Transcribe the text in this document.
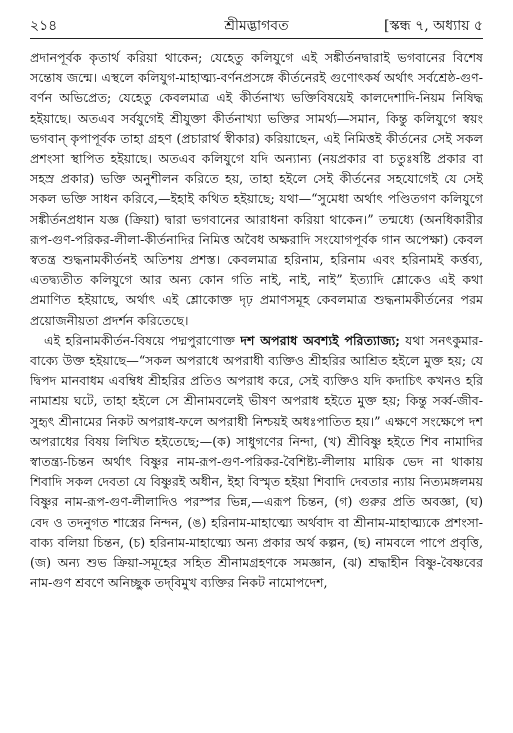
২১৪	শ্রীমদ্ভাগবত	[স্কন্ধ ৭, অধ্যায় ৫

প্রদানপূর্বক কৃতার্থ করিয়া থাকেন; যেহেতু কলিযুগে এই সঙ্কীর্তনদ্বারাই ভগবানের বিশেষ সন্তোষ জন্মে। এস্থলে কলিযুগ-মাহাত্ম্য-বর্ণনপ্রসঙ্গে কীর্তনেরই গুণোৎকর্ষ অর্থাৎ সর্বশ্রেষ্ঠ-গুণ-বর্ণন অভিপ্রেত; যেহেতু কেবলমাত্র এই কীর্তনাখ্য ভক্তিবিষয়েই কালদেশাদি-নিয়ম নিষিদ্ধ হইয়াছে। অতএব সর্বযুগেই শ্রীযুক্তা কীর্তনাখ্যা ভক্তির সামর্থ্য—সমান, কিন্তু কলিযুগে স্বয়ং ভগবান্ কৃপাপূর্বক তাহা গ্রহণ (প্রচারার্থ স্বীকার) করিয়াছেন, এই নিমিত্তই কীর্তনের সেই সকল প্রশংসা স্থাপিত হইয়াছে। অতএব কলিযুগে যদি অন্যান্য (নয়প্রকার বা চতুঃষষ্টি প্রকার বা সহস্র প্রকার) ভক্তি অনুশীলন করিতে হয়, তাহা হইলে সেই কীর্তনের সহযোগেই যে সেই সকল ভক্তি সাধন করিবে,—ইহাই কথিত হইয়াছে; যথা—“সুমেধা অর্থাৎ পণ্ডিতগণ কলিযুগে সঙ্কীর্তনপ্রধান যজ্ঞ (ক্রিয়া) দ্বারা ভগবানের আরাধনা করিয়া থাকেন।” তন্মধ্যে (অনধিকারীর রূপ-গুণ-পরিকর-লীলা-কীর্তনাদির নিমিত্ত অবৈধ অক্ষরাদি সংযোগপূর্বক গান অপেক্ষা) কেবল স্বতন্ত্র শুদ্ধনামকীর্তনই অতিশয় প্রশস্ত। কেবলমাত্র হরিনাম, হরিনাম এবং হরিনামই কর্ত্তব্য, এতদ্ব্যতীত কলিযুগে আর অন্য কোন গতি নাই, নাই, নাই” ইত্যাদি শ্লোকেও এই কথা প্রমাণিত হইয়াছে, অর্থাৎ এই শ্লোকোক্ত দৃঢ় প্রমাণসমূহ কেবলমাত্র শুদ্ধনামকীর্তনের পরম প্রয়োজনীয়তা প্রদর্শন করিতেছে।

এই হরিনামকীর্তন-বিষয়ে পদ্মপুরাণোক্ত দশ অপরাধ অবশ্যই পরিত্যাজ্য; যথা সনৎকুমার-বাক্যে উক্ত হইয়াছে—“সকল অপরাধে অপরাধী ব্যক্তিও শ্রীহরির আশ্রিত হইলে মুক্ত হয়; যে দ্বিপদ মানবাধম এবম্বিধ শ্রীহরির প্রতিও অপরাধ করে, সেই ব্যক্তিও যদি কদাচিৎ কখনও হরি নামাশ্রয় ঘটে, তাহা হইলে সে শ্রীনামবলেই ভীষণ অপরাধ হইতে মুক্ত হয়; কিন্তু সর্ব্ব-জীব-সুহৃৎ শ্রীনামের নিকট অপরাধ-ফলে অপরাধী নিশ্চয়ই অধঃপাতিত হয়।” এক্ষণে সংক্ষেপে দশ অপরাধের বিষয় লিখিত হইতেছে;—(ক) সাধুগণের নিন্দা, (খ) শ্রীবিষ্ণু হইতে শিব নামাদির স্বাতন্ত্র্য-চিন্তন অর্থাৎ বিষ্ণুর নাম-রূপ-গুণ-পরিকর-বৈশিষ্ট্য-লীলায় মায়িক ভেদ না থাকায় শিবাদি সকল দেবতা যে বিষ্ণুরই অধীন, ইহা বিস্মৃত হইয়া শিবাদি দেবতার ন্যায় নিত্যমঙ্গলময় বিষ্ণুর নাম-রূপ-গুণ-লীলাদিও পরস্পর ভিন্ন,—এরূপ চিন্তন, (গ) গুরুর প্রতি অবজ্ঞা, (ঘ) বেদ ও তদনুগত শাস্ত্রের নিন্দন, (ঙ) হরিনাম-মাহাত্ম্যে অর্থবাদ বা শ্রীনাম-মাহাত্ম্যকে প্রশংসা-বাক্য বলিয়া চিন্তন, (চ) হরিনাম-মাহাত্ম্যে অন্য প্রকার অর্থ কল্পন, (ছ) নামবলে পাপে প্রবৃত্তি, (জ) অন্য শুভ ক্রিয়া-সমূহের সহিত শ্রীনামগ্রহণকে সমজ্ঞান, (ঝ) শ্রদ্ধাহীন বিষ্ণু-বৈষ্ণবের নাম-গুণ শ্রবণে অনিচ্ছুক তদ্‌বিমুখ ব্যক্তির নিকট নামোপদেশ,
